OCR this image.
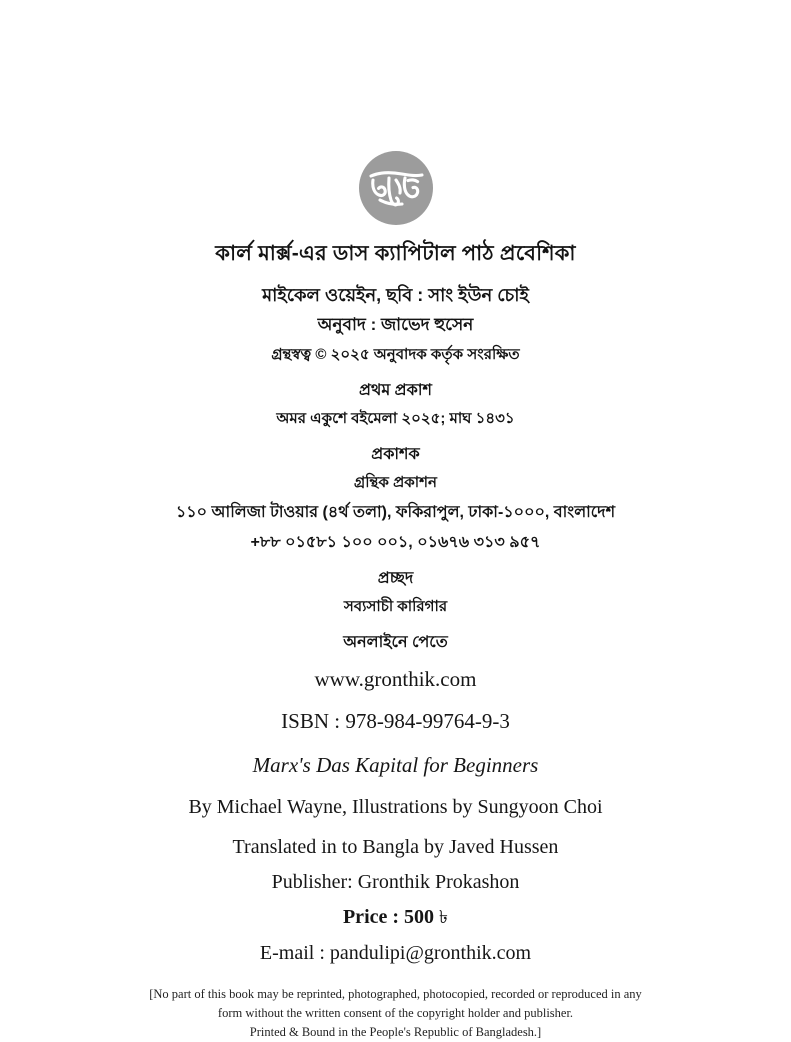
কার্ল মার্ক্স-এর ডাস ক্যাপিটাল পাঠ প্রবেশিকা
মাইকেল ওয়েইন, ছবি : সাং ইউন চোই
অনুবাদ : জাভেদ হুসেন
গ্রন্থস্বত্ব © ২০২৫ অনুবাদক কর্তৃক সংরক্ষিত
প্রথম প্রকাশ
অমর একুশে বইমেলা ২০২৫; মাঘ ১৪৩১
প্রকাশক
গ্রন্থিক প্রকাশন
১১০ আলিজা টাওয়ার (৪র্থ তলা), ফকিরাপুল, ঢাকা-১০০০, বাংলাদেশ
+৮৮ ০১৫৮১ ১০০ ০০১, ০১৬৭৬ ৩১৩ ৯৫৭
প্রচ্ছদ
সব্যসাচী কারিগার
অনলাইনে পেতে
www.gronthik.com
ISBN : 978-984-99764-9-3
Marx's Das Kapital for Beginners
By Michael Wayne, Illustrations by Sungyoon Choi
Translated in to Bangla by Javed Hussen
Publisher: Gronthik Prokashon
Price : 500 ৳
E-mail : pandulipi@gronthik.com
[No part of this book may be reprinted, photographed, photocopied, recorded or reproduced in any
form without the written consent of the copyright holder and publisher.
Printed & Bound in the People's Republic of Bangladesh.]
